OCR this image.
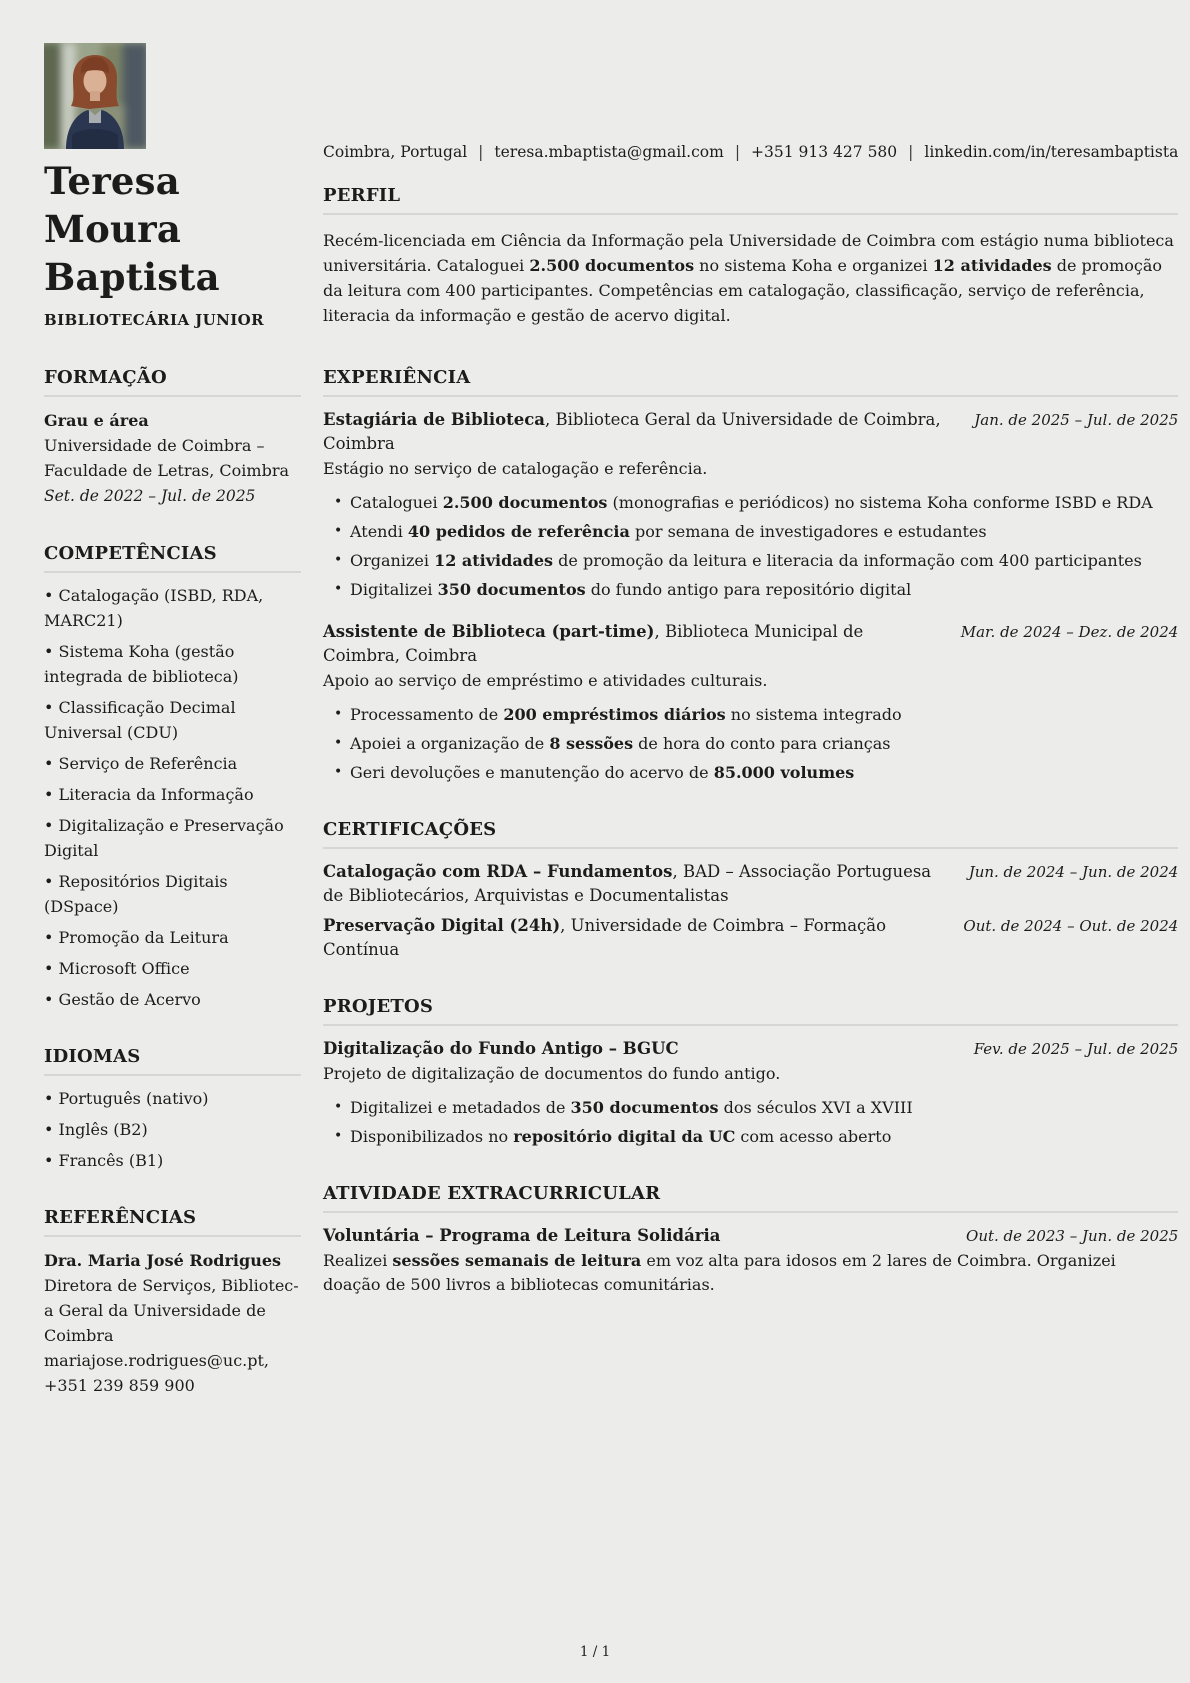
Teresa Moura Baptista
BIBLIOTECÁRIA JUNIOR
Coimbra, Portugal | teresa.mbaptista@gmail.com | +351 913 427 580 | linkedin.com/in/teresambaptista
PERFIL

Recém-licenciada em Ciência da Informação pela Universidade de Coimbra com estágio numa biblioteca universitária. Cataloguei 2.500 documentos no sistema Koha e organizei 12 atividades de promoção da leitura com 400 participantes. Competências em catalogação, classificação, serviço de referência, literacia da informação e gestão de acervo digital.

FORMAÇÃO
Grau e área
Universidade de Coimbra – Faculdade de Letras, Coimbra
Set. de 2022 – Jul. de 2025
COMPETÊNCIAS
• Catalogação (ISBD, RDA, MARC21)
• Sistema Koha (gestão integrada de biblioteca)
• Classificação Decimal Universal (CDU)
• Serviço de Referência
• Literacia da Informação
• Digitalização e Preservação Digital
• Repositórios Digitais (DSpace)
• Promoção da Leitura
• Microsoft Office
• Gestão de Acervo
IDIOMAS
• Português (nativo)
• Inglês (B2)
• Francês (B1)
REFERÊNCIAS
Dra. Maria José Rodrigues
Diretora de Serviços, Biblioteca Geral da Universidade de Coimbra
mariajose.rodrigues@uc.pt, +351 239 859 900
EXPERIÊNCIA
Estagiária de Biblioteca, Biblioteca Geral da Universidade de Coimbra, Coimbra
Jan. de 2025 – Jul. de 2025
Estágio no serviço de catalogação e referência.
• Cataloguei 2.500 documentos (monografias e periódicos) no sistema Koha conforme ISBD e RDA
• Atendi 40 pedidos de referência por semana de investigadores e estudantes
• Organizei 12 atividades de promoção da leitura e literacia da informação com 400 participantes
• Digitalizei 350 documentos do fundo antigo para repositório digital
Assistente de Biblioteca (part-time), Biblioteca Municipal de Coimbra, Coimbra
Mar. de 2024 – Dez. de 2024
Apoio ao serviço de empréstimo e atividades culturais.
• Processamento de 200 empréstimos diários no sistema integrado
• Apoiei a organização de 8 sessões de hora do conto para crianças
• Geri devoluções e manutenção do acervo de 85.000 volumes
CERTIFICAÇÕES
Catalogação com RDA – Fundamentos, BAD – Associação Portuguesa de Bibliotecários, Arquivistas e Documentalistas
Jun. de 2024 – Jun. de 2024
Preservação Digital (24h), Universidade de Coimbra – Formação Contínua
Out. de 2024 – Out. de 2024
PROJETOS
Digitalização do Fundo Antigo – BGUC	Fev. de 2025 – Jul. de 2025
Projeto de digitalização de documentos do fundo antigo.
• Digitalizei e metadados de 350 documentos dos séculos XVI a XVIII
• Disponibilizados no repositório digital da UC com acesso aberto
ATIVIDADE EXTRACURRICULAR
Voluntária – Programa de Leitura Solidária	Out. de 2023 – Jun. de 2025
Realizei sessões semanais de leitura em voz alta para idosos em 2 lares de Coimbra. Organizei doação de 500 livros a bibliotecas comunitárias.
1 / 1
